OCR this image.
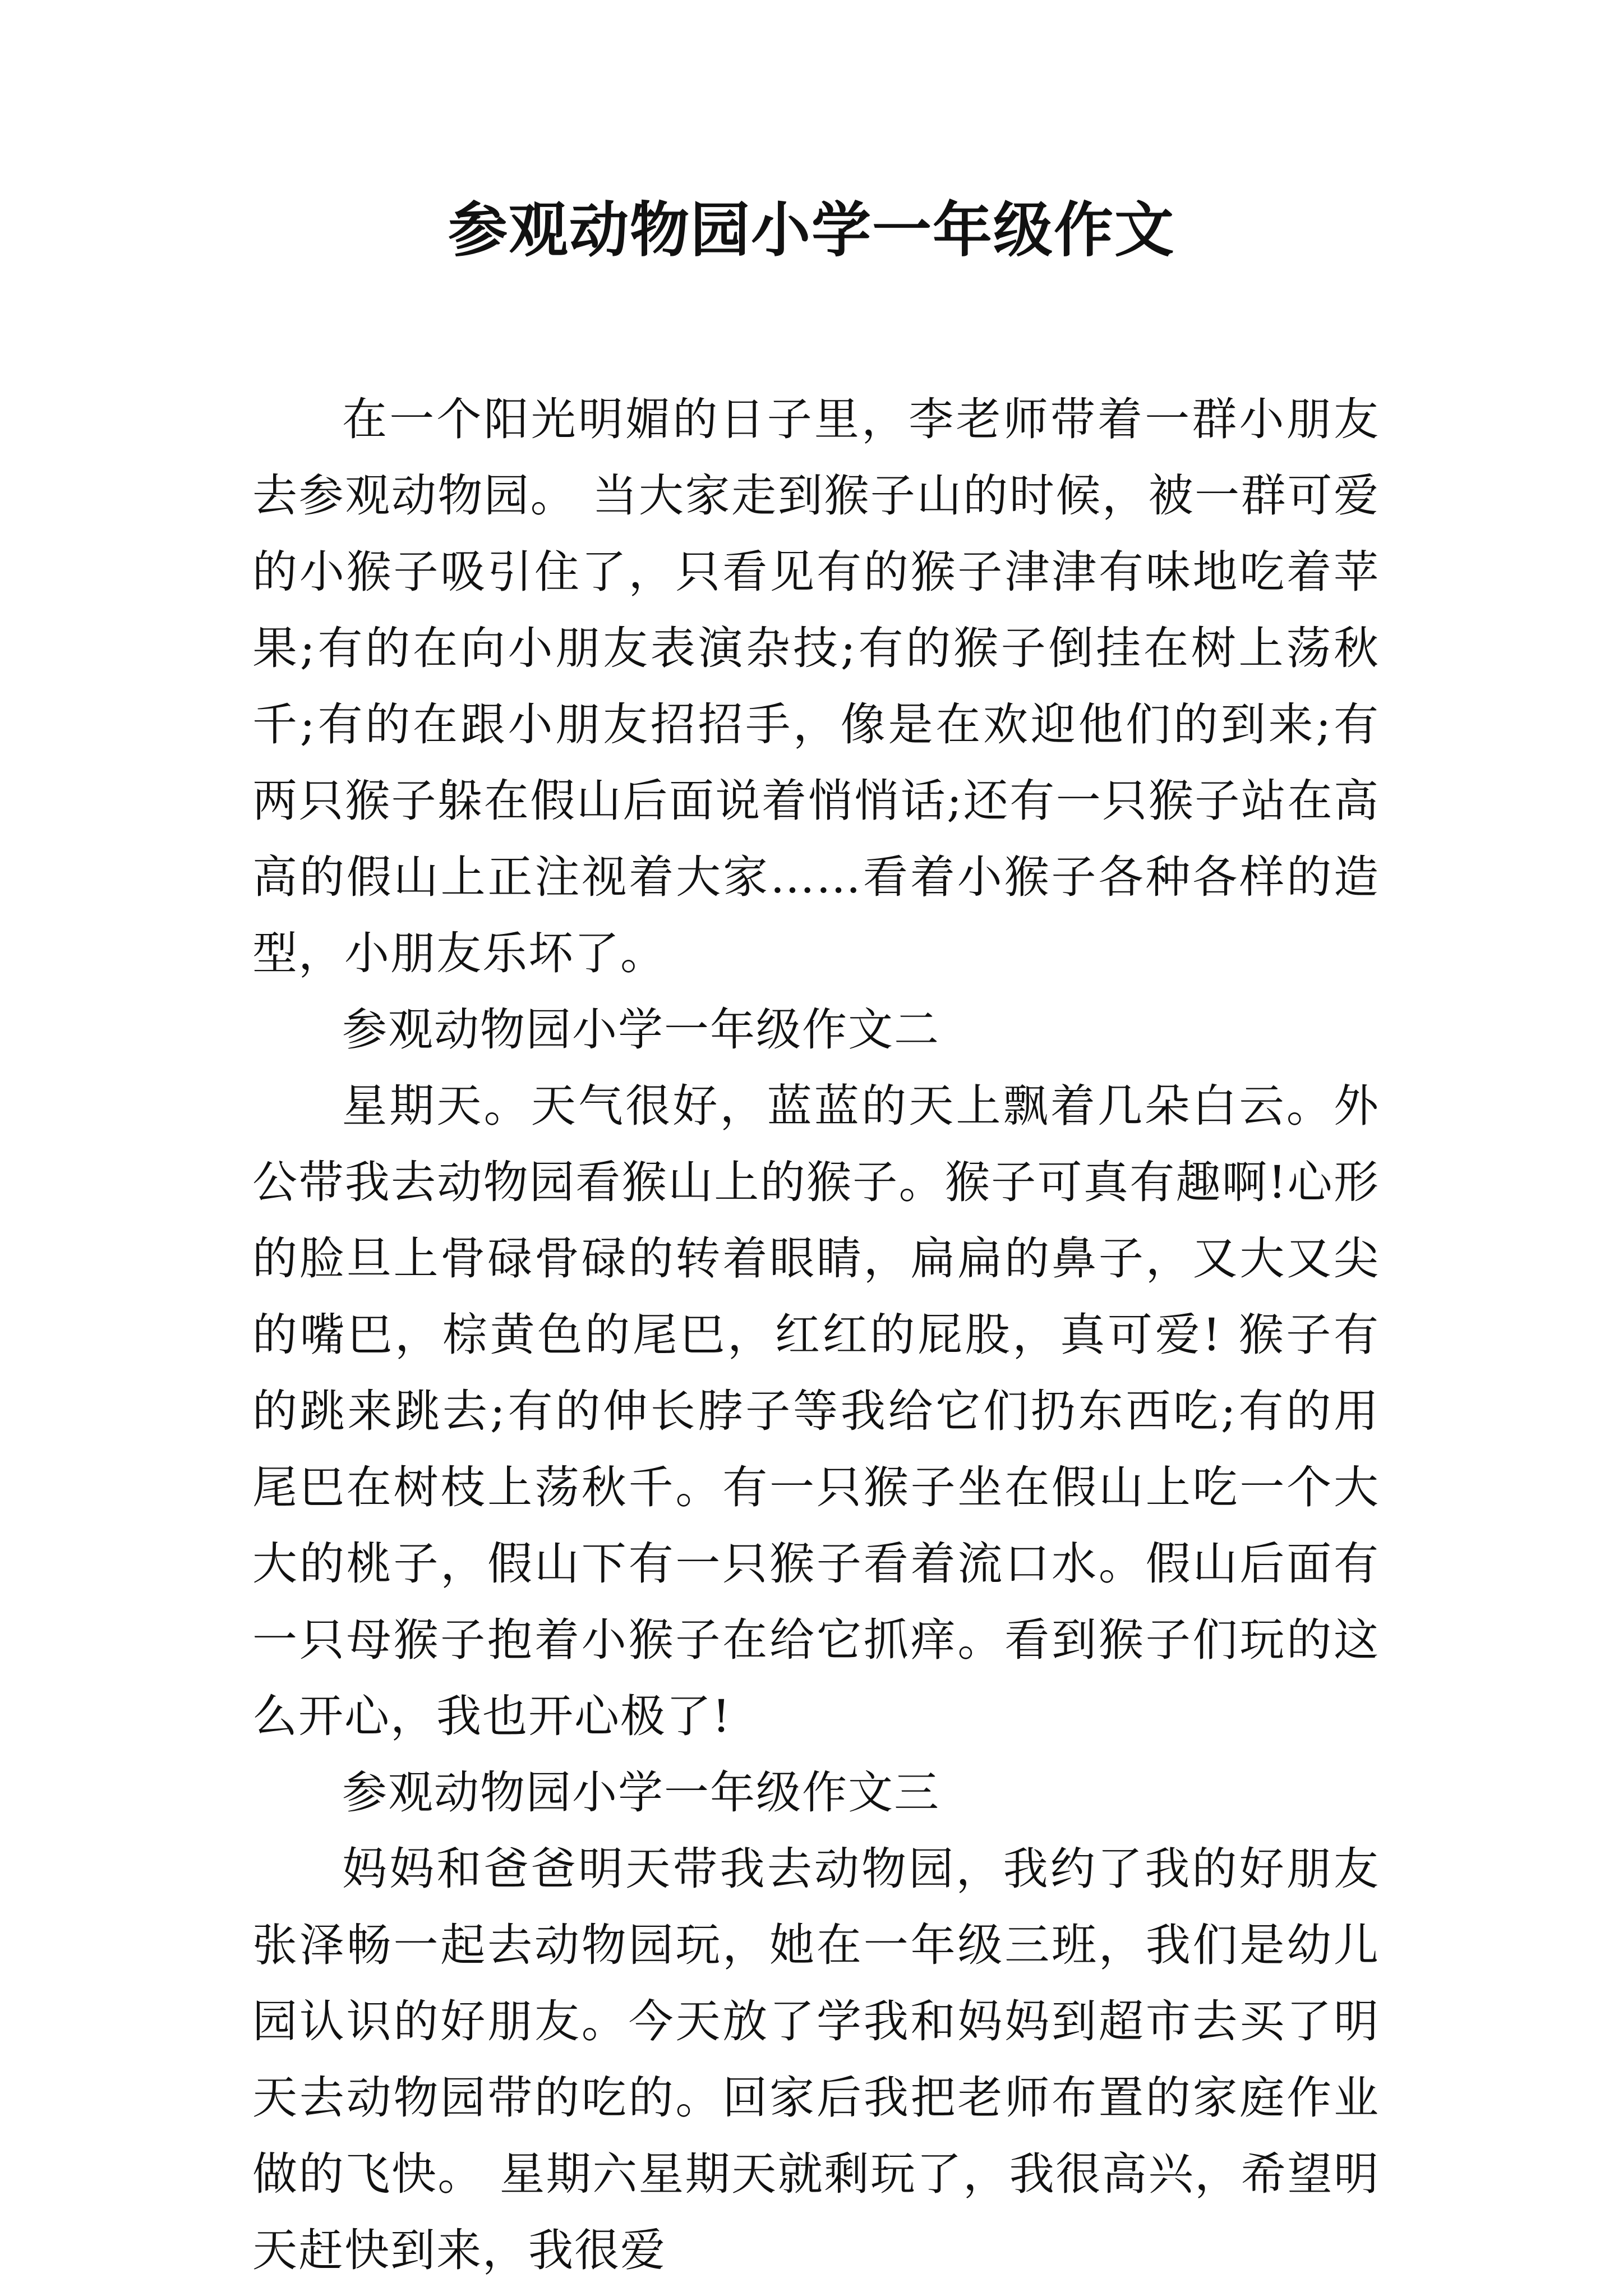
参观动物园小学一年级作文

在一个阳光明媚的日子里，李老师带着一群小朋友去参观动物园。 当大家走到猴子山的时候，被一群可爱的小猴子吸引住了，只看见有的猴子津津有味地吃着苹果;有的在向小朋友表演杂技;有的猴子倒挂在树上荡秋千;有的在跟小朋友招招手，像是在欢迎他们的到来;有两只猴子躲在假山后面说着悄悄话;还有一只猴子站在高高的假山上正注视着大家……看着小猴子各种各样的造型，小朋友乐坏了。

参观动物园小学一年级作文二

星期天。天气很好，蓝蓝的天上飘着几朵白云。外公带我去动物园看猴山上的猴子。猴子可真有趣啊!心形的脸旦上骨碌骨碌的转着眼睛，扁扁的鼻子，又大又尖的嘴巴，棕黄色的尾巴，红红的屁股，真可爱! 猴子有的跳来跳去;有的伸长脖子等我给它们扔东西吃;有的用尾巴在树枝上荡秋千。有一只猴子坐在假山上吃一个大大的桃子，假山下有一只猴子看着流口水。假山后面有一只母猴子抱着小猴子在给它抓痒。看到猴子们玩的这么开心，我也开心极了!

参观动物园小学一年级作文三

妈妈和爸爸明天带我去动物园，我约了我的好朋友张泽畅一起去动物园玩，她在一年级三班，我们是幼儿园认识的好朋友。今天放了学我和妈妈到超市去买了明天去动物园带的吃的。回家后我把老师布置的家庭作业做的飞快。 星期六星期天就剩玩了，我很高兴，希望明天赶快到来，我很爱
